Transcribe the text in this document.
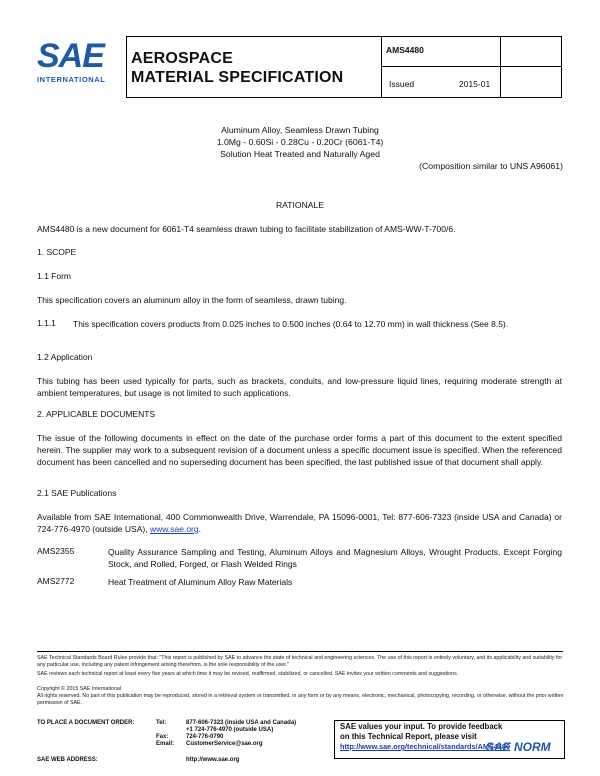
SAE
INTERNATIONAL
AEROSPACE
MATERIAL SPECIFICATION
AMS4480
Issued	2015-01
Aluminum Alloy, Seamless Drawn Tubing
1.0Mg - 0.60Si - 0.28Cu - 0.20Cr (6061-T4)
Solution Heat Treated and Naturally Aged
(Composition similar to UNS A96061)
RATIONALE
AMS4480 is a new document for 6061-T4 seamless drawn tubing to facilitate stabilization of AMS-WW-T-700/6.
1. SCOPE
1.1 Form
This specification covers an aluminum alloy in the form of seamless, drawn tubing.
1.1.1 This specification covers products from 0.025 inches to 0.500 inches (0.64 to 12.70 mm) in wall thickness (See 8.5).
1.2 Application
This tubing has been used typically for parts, such as brackets, conduits, and low-pressure liquid lines, requiring moderate strength at ambient temperatures, but usage is not limited to such applications.
2. APPLICABLE DOCUMENTS
The issue of the following documents in effect on the date of the purchase order forms a part of this document to the extent specified herein. The supplier may work to a subsequent revision of a document unless a specific document issue is specified. When the referenced document has been cancelled and no superseding document has been specified, the last published issue of that document shall apply.
2.1 SAE Publications
Available from SAE International, 400 Commonwealth Drive, Warrendale, PA 15096-0001, Tel: 877-606-7323 (inside USA and Canada) or 724-776-4970 (outside USA), www.sae.org.
AMS2355	Quality Assurance Sampling and Testing, Aluminum Alloys and Magnesium Alloys, Wrought Products, Except Forging Stock, and Rolled, Forged, or Flash Welded Rings
AMS2772	Heat Treatment of Aluminum Alloy Raw Materials
SAE Technical Standards Board Rules provide that: "This report is published by SAE to advance the state of technical and engineering sciences. The use of this report is entirely voluntary, and its applicability and suitability for any particular use, including any patent infringement arising therefrom, is the sole responsibility of the user."
SAE reviews each technical report at least every five years at which time it may be revised, reaffirmed, stabilized, or cancelled. SAE invites your written comments and suggestions.
Copyright © 2015 SAE International
All rights reserved. No part of this publication may be reproduced, stored in a retrieval system or transmitted, in any form or by any means, electronic, mechanical, photocopying, recording, or otherwise, without the prior written permission of SAE.
TO PLACE A DOCUMENT ORDER:	Tel:	877-606-7323 (inside USA and Canada)
+1 724-776-4970 (outside USA)
Fax:	724-776-0790
Email: CustomerService@sae.org
SAE WEB ADDRESS:	http://www.sae.org
SAE values your input. To provide feedback
on this Technical Report, please visit
http://www.sae.org/technical/standards/AMS4480
SAE NORM
